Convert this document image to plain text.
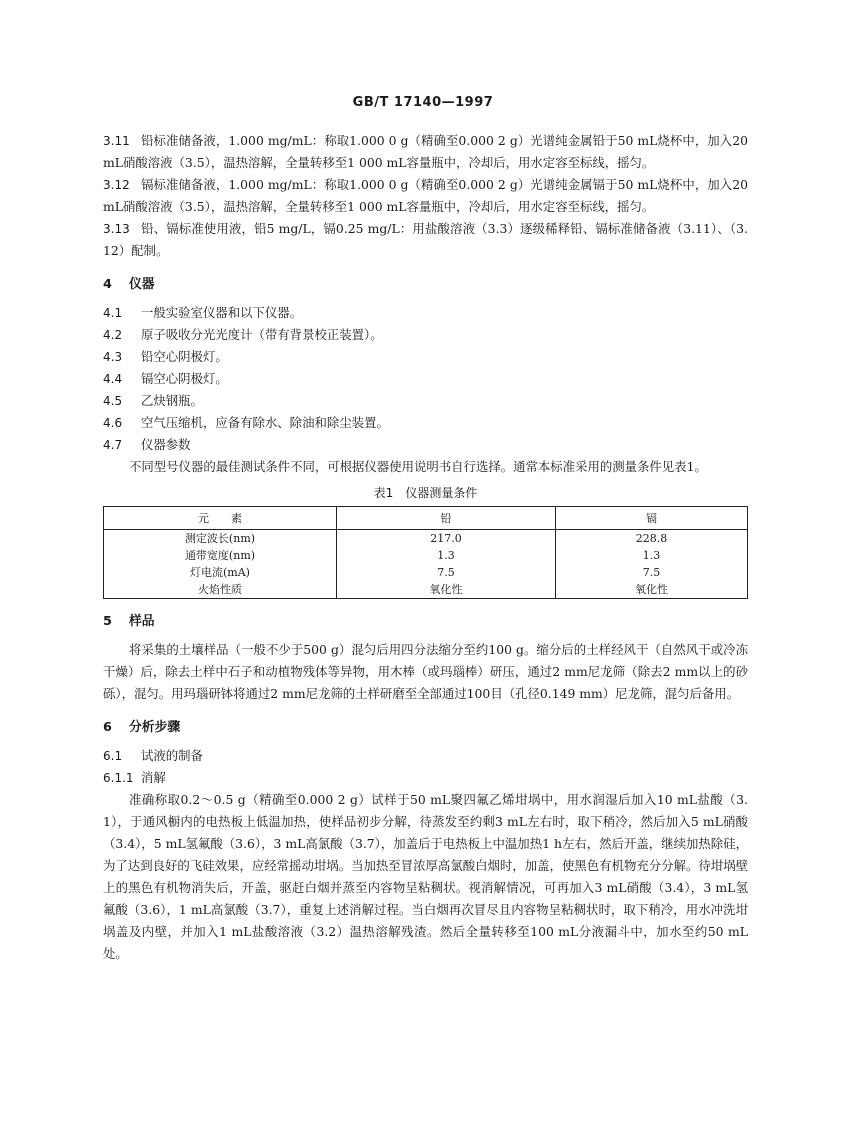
GB/T 17140—1997

3.11 铅标准储备液，1.000 mg/mL：称取1.000 0 g（精确至0.000 2 g）光谱纯金属铅于50 mL烧杯中，加入20 mL硝酸溶液（3.5），温热溶解，全量转移至1 000 mL容量瓶中，冷却后，用水定容至标线，摇匀。

3.12 镉标准储备液，1.000 mg/mL：称取1.000 0 g（精确至0.000 2 g）光谱纯金属镉于50 mL烧杯中，加入20 mL硝酸溶液（3.5），温热溶解，全量转移至1 000 mL容量瓶中，冷却后，用水定容至标线，摇匀。

3.13 铅、镉标准使用液，铅5 mg/L，镉0.25 mg/L：用盐酸溶液（3.3）逐级稀释铅、镉标准储备液（3.11）、（3.12）配制。

4 仪器
4.1 一般实验室仪器和以下仪器。
4.2 原子吸收分光光度计（带有背景校正装置）。
4.3 铅空心阴极灯。
4.4 镉空心阴极灯。
4.5 乙炔钢瓶。
4.6 空气压缩机，应备有除水、除油和除尘装置。
4.7 仪器参数

不同型号仪器的最佳测试条件不同，可根据仪器使用说明书自行选择。通常本标准采用的测量条件见表1。

表1 仪器测量条件
元　　素	铅	镉
测定波长(nm)	217.0	228.8
通带宽度(nm)	1.3	1.3
灯电流(mA)	7.5	7.5
火焰性质	氧化性	氧化性
5 样品

将采集的土壤样品（一般不少于500 g）混匀后用四分法缩分至约100 g。缩分后的土样经风干（自然风干或冷冻干燥）后，除去土样中石子和动植物残体等异物，用木棒（或玛瑙棒）研压，通过2 mm尼龙筛（除去2 mm以上的砂砾），混匀。用玛瑙研钵将通过2 mm尼龙筛的土样研磨至全部通过100目（孔径0.149 mm）尼龙筛，混匀后备用。

6 分析步骤
6.1 试液的制备
6.1.1 消解

准确称取0.2～0.5 g（精确至0.000 2 g）试样于50 mL聚四氟乙烯坩埚中，用水润湿后加入10 mL盐酸（3.1），于通风橱内的电热板上低温加热，使样品初步分解，待蒸发至约剩3 mL左右时，取下稍冷，然后加入5 mL硝酸（3.4），5 mL氢氟酸（3.6），3 mL高氯酸（3.7），加盖后于电热板上中温加热1 h左右，然后开盖，继续加热除硅，为了达到良好的飞硅效果，应经常摇动坩埚。当加热至冒浓厚高氯酸白烟时，加盖，使黑色有机物充分分解。待坩埚壁上的黑色有机物消失后，开盖，驱赶白烟并蒸至内容物呈粘稠状。视消解情况，可再加入3 mL硝酸（3.4），3 mL氢氟酸（3.6），1 mL高氯酸（3.7），重复上述消解过程。当白烟再次冒尽且内容物呈粘稠状时，取下稍冷，用水冲洗坩埚盖及内壁，并加入1 mL盐酸溶液（3.2）温热溶解残渣。然后全量转移至100 mL分液漏斗中，加水至约50 mL处。
